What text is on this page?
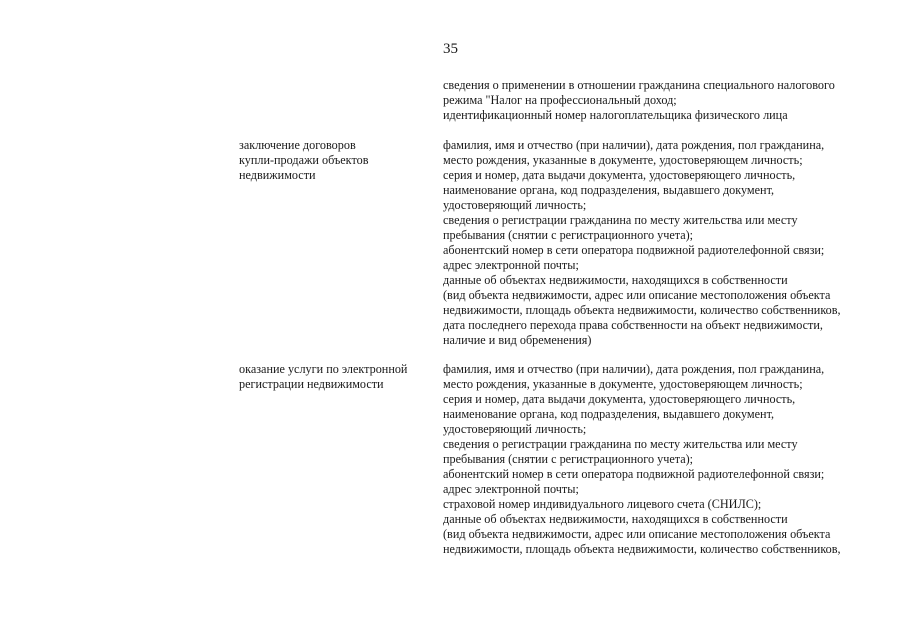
35
сведения о применении в отношении гражданина специального налогового
режима "Налог на профессиональный доход;
идентификационный номер налогоплательщика физического лица
заключение договоров
купли-продажи объектов
недвижимости
фамилия, имя и отчество (при наличии), дата рождения, пол гражданина,
место рождения, указанные в документе, удостоверяющем личность;
серия и номер, дата выдачи документа, удостоверяющего личность,
наименование органа, код подразделения, выдавшего документ,
удостоверяющий личность;
сведения о регистрации гражданина по месту жительства или месту
пребывания (снятии с регистрационного учета);
абонентский номер в сети оператора подвижной радиотелефонной связи;
адрес электронной почты;
данные об объектах недвижимости, находящихся в собственности
(вид объекта недвижимости, адрес или описание местоположения объекта
недвижимости, площадь объекта недвижимости, количество собственников,
дата последнего перехода права собственности на объект недвижимости,
наличие и вид обременения)
оказание услуги по электронной
регистрации недвижимости
фамилия, имя и отчество (при наличии), дата рождения, пол гражданина,
место рождения, указанные в документе, удостоверяющем личность;
серия и номер, дата выдачи документа, удостоверяющего личность,
наименование органа, код подразделения, выдавшего документ,
удостоверяющий личность;
сведения о регистрации гражданина по месту жительства или месту
пребывания (снятии с регистрационного учета);
абонентский номер в сети оператора подвижной радиотелефонной связи;
адрес электронной почты;
страховой номер индивидуального лицевого счета (СНИЛС);
данные об объектах недвижимости, находящихся в собственности
(вид объекта недвижимости, адрес или описание местоположения объекта
недвижимости, площадь объекта недвижимости, количество собственников,
